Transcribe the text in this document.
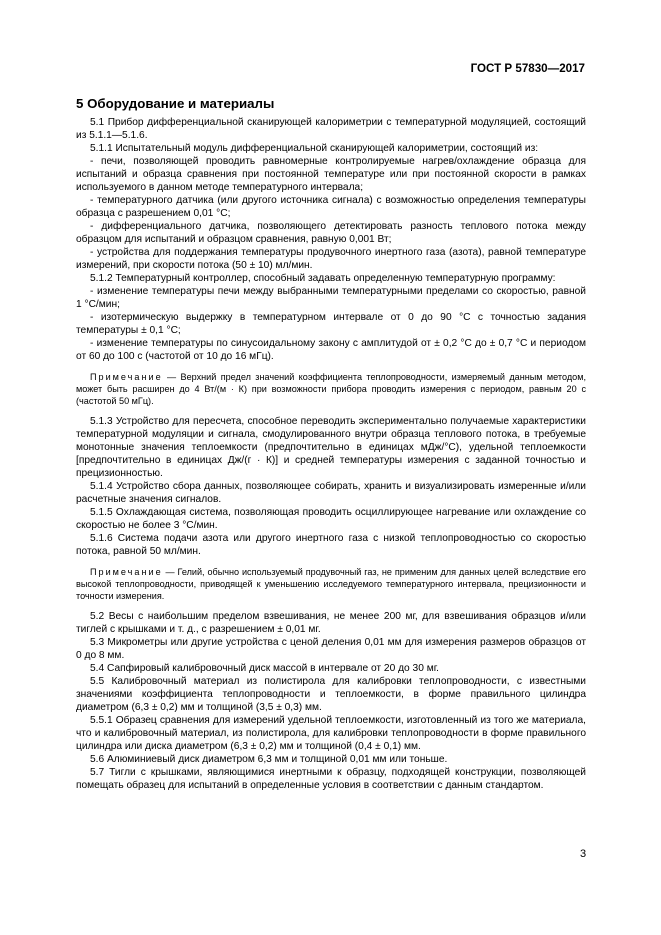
ГОСТ Р 57830—2017
5 Оборудование и материалы

5.1 Прибор дифференциальной сканирующей калориметрии с температурной модуляцией, состоящий из 5.1.1—5.1.6.

5.1.1 Испытательный модуль дифференциальной сканирующей калориметрии, состоящий из:

- печи, позволяющей проводить равномерные контролируемые нагрев/охлаждение образца для испытаний и образца сравнения при постоянной температуре или при постоянной скорости в рамках используемого в данном методе температурного интервала;

- температурного датчика (или другого источника сигнала) с возможностью определения температуры образца с разрешением 0,01 °С;

- дифференциального датчика, позволяющего детектировать разность теплового потока между образцом для испытаний и образцом сравнения, равную 0,001 Вт;

- устройства для поддержания температуры продувочного инертного газа (азота), равной температуре измерений, при скорости потока (50 ± 10) мл/мин.

5.1.2 Температурный контроллер, способный задавать определенную температурную программу:

- изменение температуры печи между выбранными температурными пределами со скоростью, равной 1 °С/мин;

- изотермическую выдержку в температурном интервале от 0 до 90 °С с точностью задания температуры ± 0,1 °С;

- изменение температуры по синусоидальному закону с амплитудой от ± 0,2 °С до ± 0,7 °С и периодом от 60 до 100 с (частотой от 10 до 16 мГц).

Примечание — Верхний предел значений коэффициента теплопроводности, измеряемый данным методом, может быть расширен до 4 Вт/(м · К) при возможности прибора проводить измерения с периодом, равным 20 с (частотой 50 мГц).

5.1.3 Устройство для пересчета, способное переводить экспериментально получаемые характеристики температурной модуляции и сигнала, смодулированного внутри образца теплового потока, в требуемые монотонные значения теплоемкости (предпочтительно в единицах мДж/°С), удельной теплоемкости [предпочтительно в единицах Дж/(г · К)] и средней температуры измерения с заданной точностью и прецизионностью.

5.1.4 Устройство сбора данных, позволяющее собирать, хранить и визуализировать измеренные и/или расчетные значения сигналов.

5.1.5 Охлаждающая система, позволяющая проводить осциллирующее нагревание или охлаждение со скоростью не более 3 °С/мин.

5.1.6 Система подачи азота или другого инертного газа с низкой теплопроводностью со скоростью потока, равной 50 мл/мин.

Примечание — Гелий, обычно используемый продувочный газ, не применим для данных целей вследствие его высокой теплопроводности, приводящей к уменьшению исследуемого температурного интервала, прецизионности и точности измерения.

5.2 Весы с наибольшим пределом взвешивания, не менее 200 мг, для взвешивания образцов и/или тиглей с крышками и т. д., с разрешением ± 0,01 мг.

5.3 Микрометры или другие устройства с ценой деления 0,01 мм для измерения размеров образцов от 0 до 8 мм.

5.4 Сапфировый калибровочный диск массой в интервале от 20 до 30 мг.

5.5 Калибровочный материал из полистирола для калибровки теплопроводности, с известными значениями коэффициента теплопроводности и теплоемкости, в форме правильного цилиндра диаметром (6,3 ± 0,2) мм и толщиной (3,5 ± 0,3) мм.

5.5.1 Образец сравнения для измерений удельной теплоемкости, изготовленный из того же материала, что и калибровочный материал, из полистирола, для калибровки теплопроводности в форме правильного цилиндра или диска диаметром (6,3 ± 0,2) мм и толщиной (0,4 ± 0,1) мм.

5.6 Алюминиевый диск диаметром 6,3 мм и толщиной 0,01 мм или тоньше.

5.7 Тигли с крышками, являющимися инертными к образцу, подходящей конструкции, позволяющей помещать образец для испытаний в определенные условия в соответствии с данным стандартом.

3
